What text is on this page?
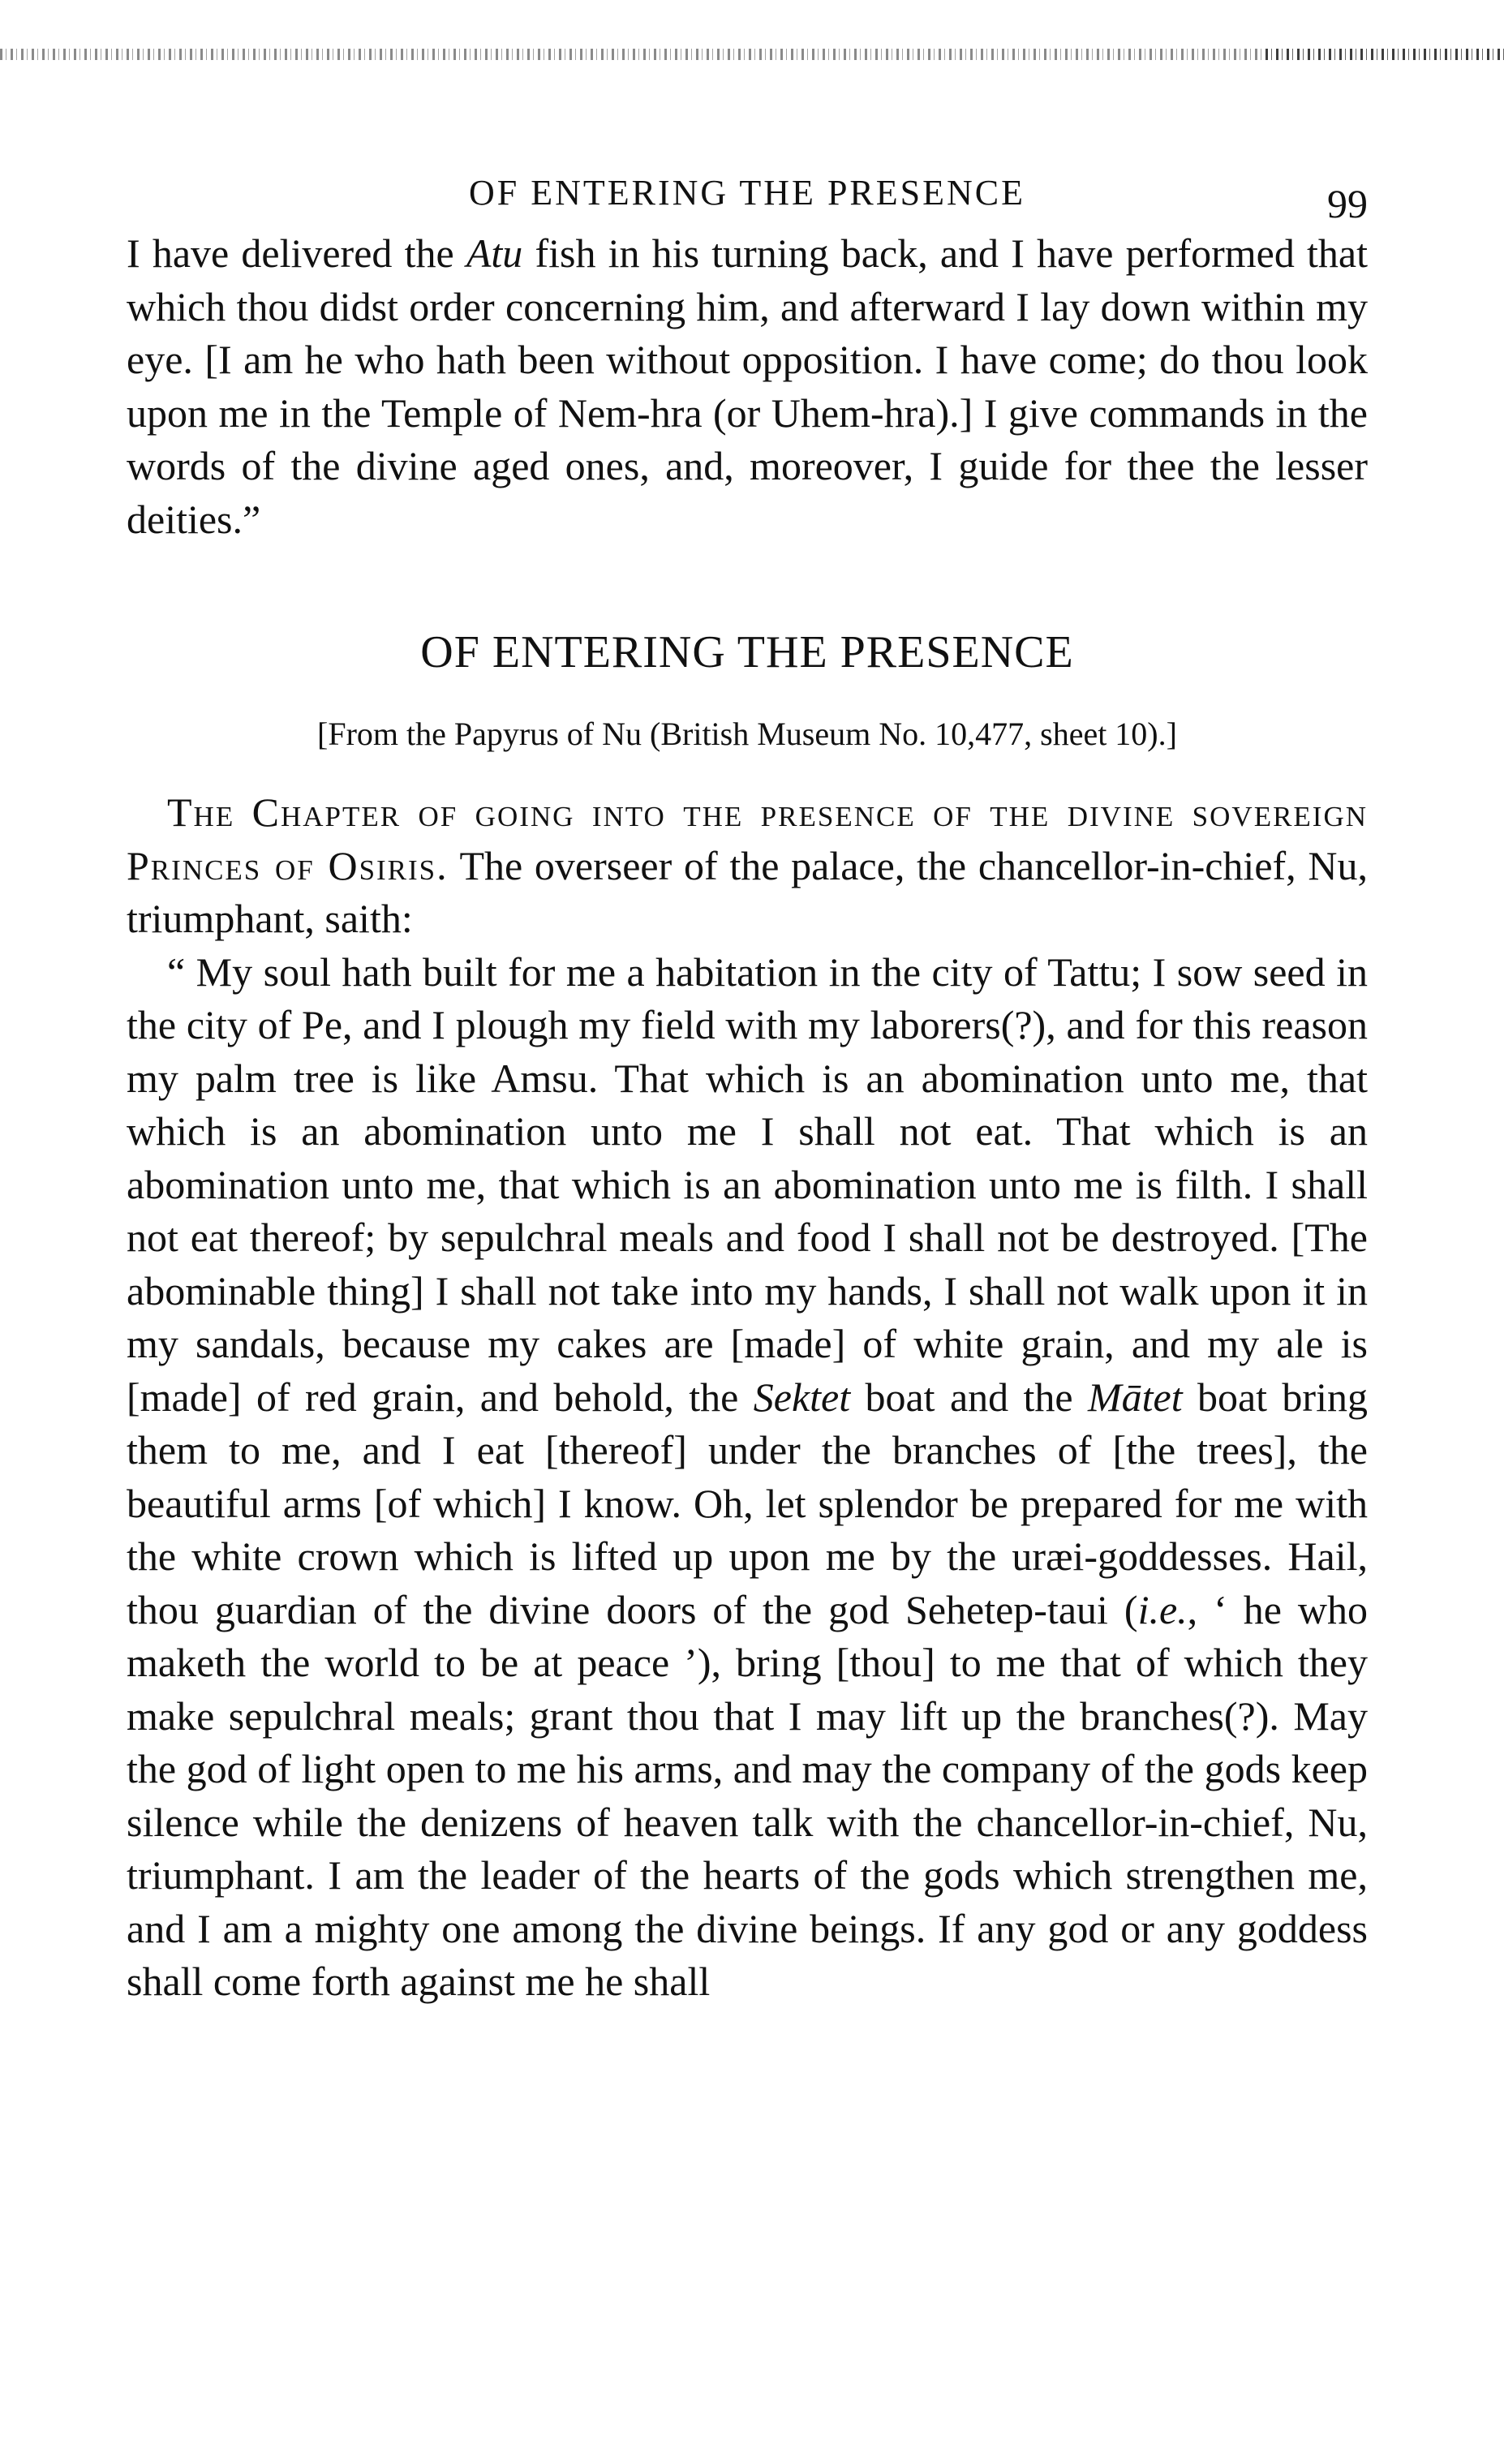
OF ENTERING THE PRESENCE	99

I have delivered the Atu fish in his turning back, and I have performed that which thou didst order concerning him, and afterward I lay down within my eye. [I am he who hath been without opposition. I have come; do thou look upon me in the Temple of Nem-hra (or Uhem-hra).] I give commands in the words of the divine aged ones, and, moreover, I guide for thee the lesser deities.”

OF ENTERING THE PRESENCE

[From the Papyrus of Nu (British Museum No. 10,477, sheet 10).]

The Chapter of going into the presence of the divine sovereign Princes of Osiris. The overseer of the palace, the chancellor-in-chief, Nu, triumphant, saith:

“ My soul hath built for me a habitation in the city of Tattu; I sow seed in the city of Pe, and I plough my field with my laborers(?), and for this reason my palm tree is like Amsu. That which is an abomination unto me, that which is an abomination unto me I shall not eat. That which is an abomination unto me, that which is an abomination unto me is filth. I shall not eat thereof; by sepulchral meals and food I shall not be destroyed. [The abominable thing] I shall not take into my hands, I shall not walk upon it in my sandals, because my cakes are [made] of white grain, and my ale is [made] of red grain, and behold, the Sektet boat and the Mātet boat bring them to me, and I eat [thereof] under the branches of [the trees], the beautiful arms [of which] I know. Oh, let splendor be prepared for me with the white crown which is lifted up upon me by the uræi-goddesses. Hail, thou guardian of the divine doors of the god Sehetep-taui (i.e., ‘ he who maketh the world to be at peace ’), bring [thou] to me that of which they make sepulchral meals; grant thou that I may lift up the branches(?). May the god of light open to me his arms, and may the company of the gods keep silence while the denizens of heaven talk with the chancellor-in-chief, Nu, triumphant. I am the leader of the hearts of the gods which strengthen me, and I am a mighty one among the divine beings. If any god or any goddess shall come forth against me he shall
